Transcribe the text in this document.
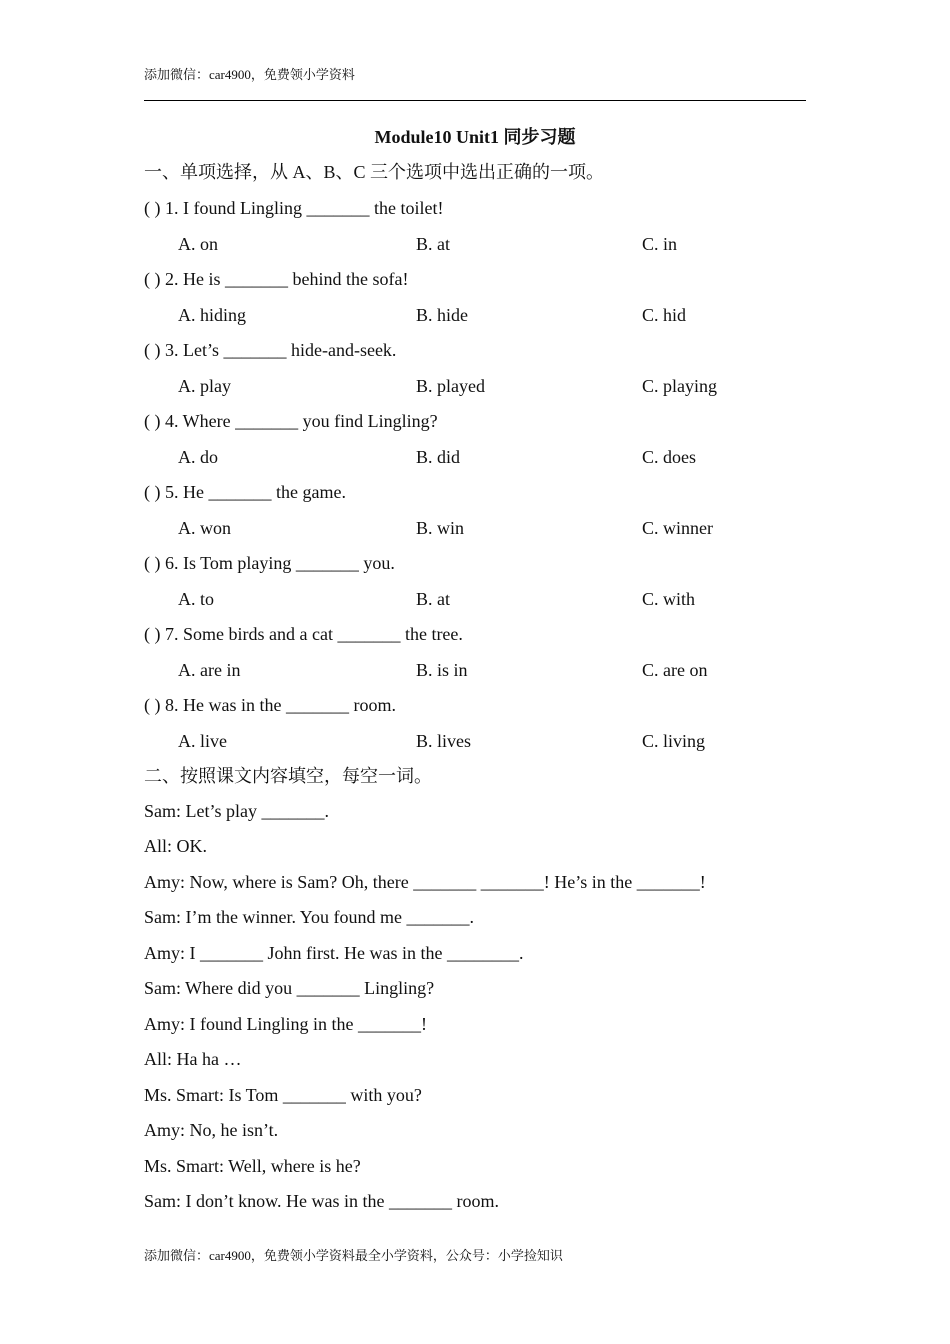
添加微信：car4900，免费领小学资料
Module10 Unit1 同步习题
一、单项选择，从 A、B、C 三个选项中选出正确的一项。
( ) 1. I found Lingling _______ the toilet!
A. on	B. at	C. in
( ) 2. He is _______ behind the sofa!
A. hiding	B. hide	C. hid
( ) 3. Let’s _______ hide-and-seek.
A. play	B. played	C. playing
( ) 4. Where _______ you find Lingling?
A. do	B. did	C. does
( ) 5. He _______ the game.
A. won	B. win	C. winner
( ) 6. Is Tom playing _______ you.
A. to	B. at	C. with
( ) 7. Some birds and a cat _______ the tree.
A. are in	B. is in	C. are on
( ) 8. He was in the _______ room.
A. live	B. lives	C. living
二、按照课文内容填空，每空一词。
Sam: Let’s play _______.
All: OK.
Amy: Now, where is Sam? Oh, there _______ _______! He’s in the _______!
Sam: I’m the winner. You found me _______.
Amy: I _______ John first. He was in the ________.
Sam: Where did you _______ Lingling?
Amy: I found Lingling in the _______!
All: Ha ha …
Ms. Smart: Is Tom _______ with you?
Amy: No, he isn’t.
Ms. Smart: Well, where is he?
Sam: I don’t know. He was in the _______ room.
添加微信：car4900，免费领小学资料最全小学资料，公众号：小学捡知识
